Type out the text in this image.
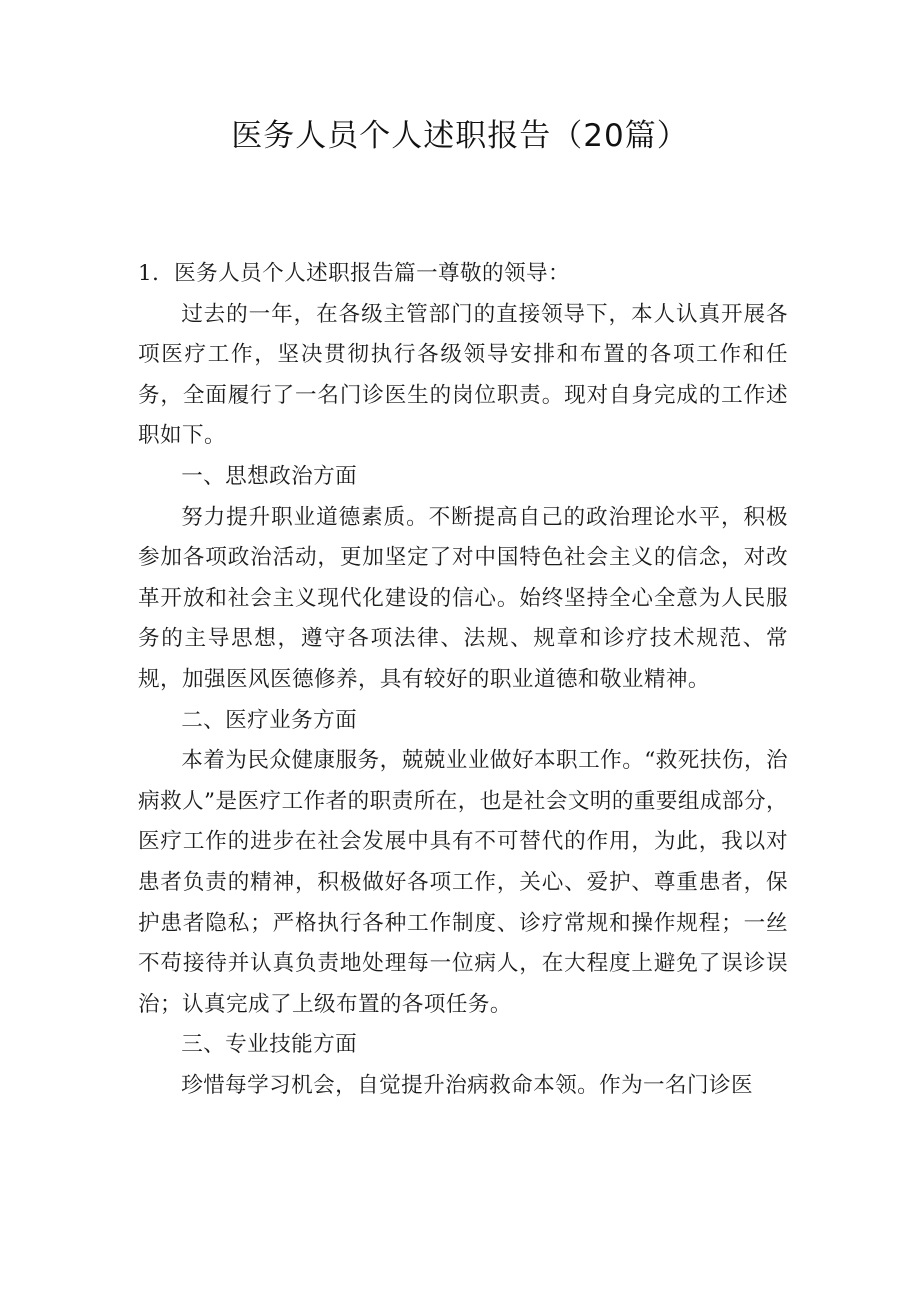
医务人员个人述职报告（20篇）

1．医务人员个人述职报告篇一尊敬的领导：

过去的一年，在各级主管部门的直接领导下，本人认真开展各项医疗工作，坚决贯彻执行各级领导安排和布置的各项工作和任务，全面履行了一名门诊医生的岗位职责。现对自身完成的工作述职如下。

一、思想政治方面

努力提升职业道德素质。不断提高自己的政治理论水平，积极参加各项政治活动，更加坚定了对中国特色社会主义的信念，对改革开放和社会主义现代化建设的信心。始终坚持全心全意为人民服务的主导思想，遵守各项法律、法规、规章和诊疗技术规范、常规，加强医风医德修养，具有较好的职业道德和敬业精神。

二、医疗业务方面

本着为民众健康服务，兢兢业业做好本职工作。“救死扶伤，治病救人”是医疗工作者的职责所在，也是社会文明的重要组成部分，医疗工作的进步在社会发展中具有不可替代的作用，为此，我以对患者负责的精神，积极做好各项工作，关心、爱护、尊重患者，保护患者隐私；严格执行各种工作制度、诊疗常规和操作规程；一丝不苟接待并认真负责地处理每一位病人，在大程度上避免了误诊误治；认真完成了上级布置的各项任务。

三、专业技能方面

珍惜每学习机会，自觉提升治病救命本领。作为一名门诊医
